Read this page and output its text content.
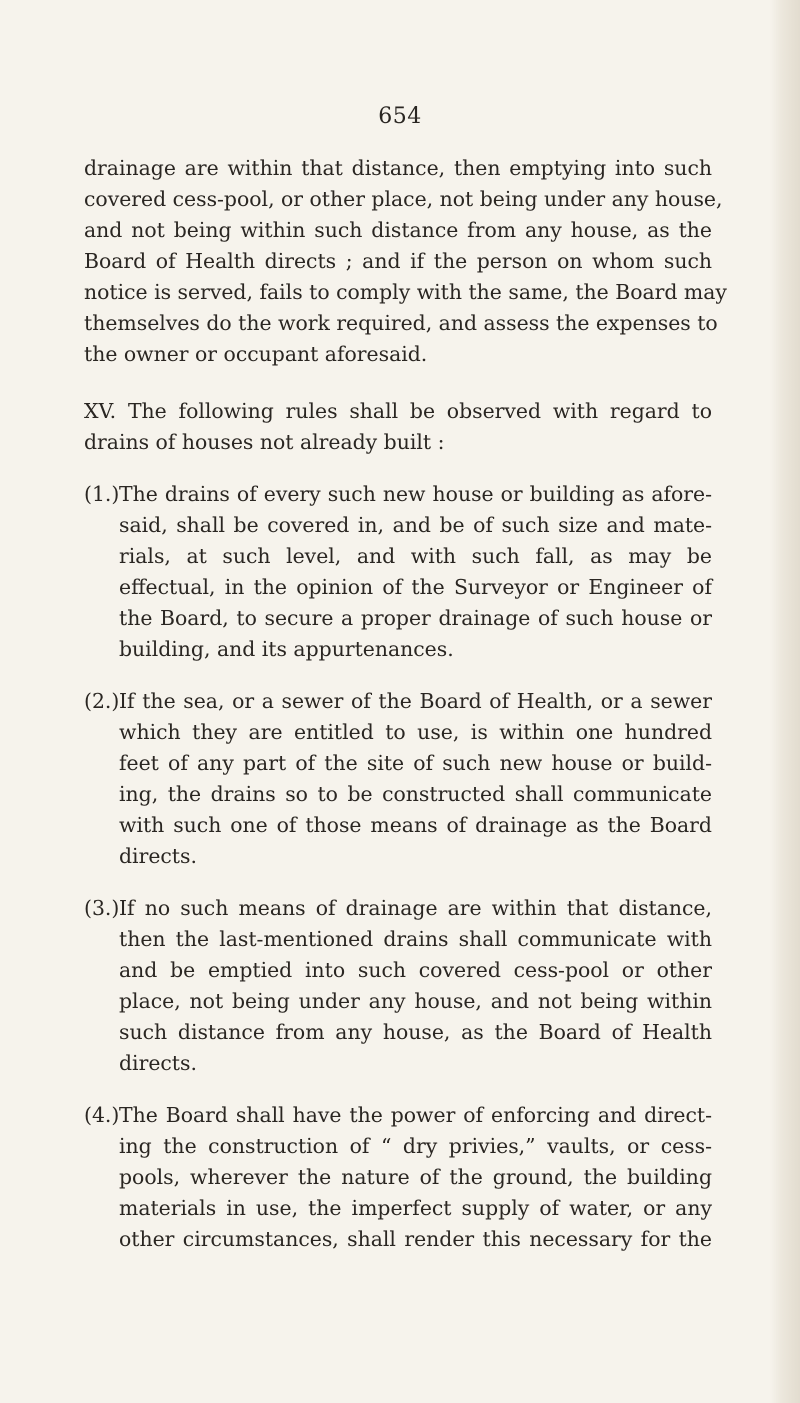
654

drainage are within that distance, then emptying into such
covered cess-pool, or other place, not being under any house,
and not being within such distance from any house, as the
Board of Health directs ; and if the person on whom such
notice is served, fails to comply with the same, the Board may
themselves do the work required, and assess the expenses to
the owner or occupant aforesaid.

XV. The following rules shall be observed with regard to
drains of houses not already built :

(1.) The drains of every such new house or building as afore-
said, shall be covered in, and be of such size and mate-
rials, at such level, and with such fall, as may be
effectual, in the opinion of the Surveyor or Engineer of
the Board, to secure a proper drainage of such house or
building, and its appurtenances.
(2.) If the sea, or a sewer of the Board of Health, or a sewer
which they are entitled to use, is within one hundred
feet of any part of the site of such new house or build-
ing, the drains so to be constructed shall communicate
with such one of those means of drainage as the Board
directs.
(3.) If no such means of drainage are within that distance,
then the last-mentioned drains shall communicate with
and be emptied into such covered cess-pool or other
place, not being under any house, and not being within
such distance from any house, as the Board of Health
directs.
(4.) The Board shall have the power of enforcing and direct-
ing the construction of “ dry privies,” vaults, or cess-
pools, wherever the nature of the ground, the building
materials in use, the imperfect supply of water, or any
other circumstances, shall render this necessary for the
